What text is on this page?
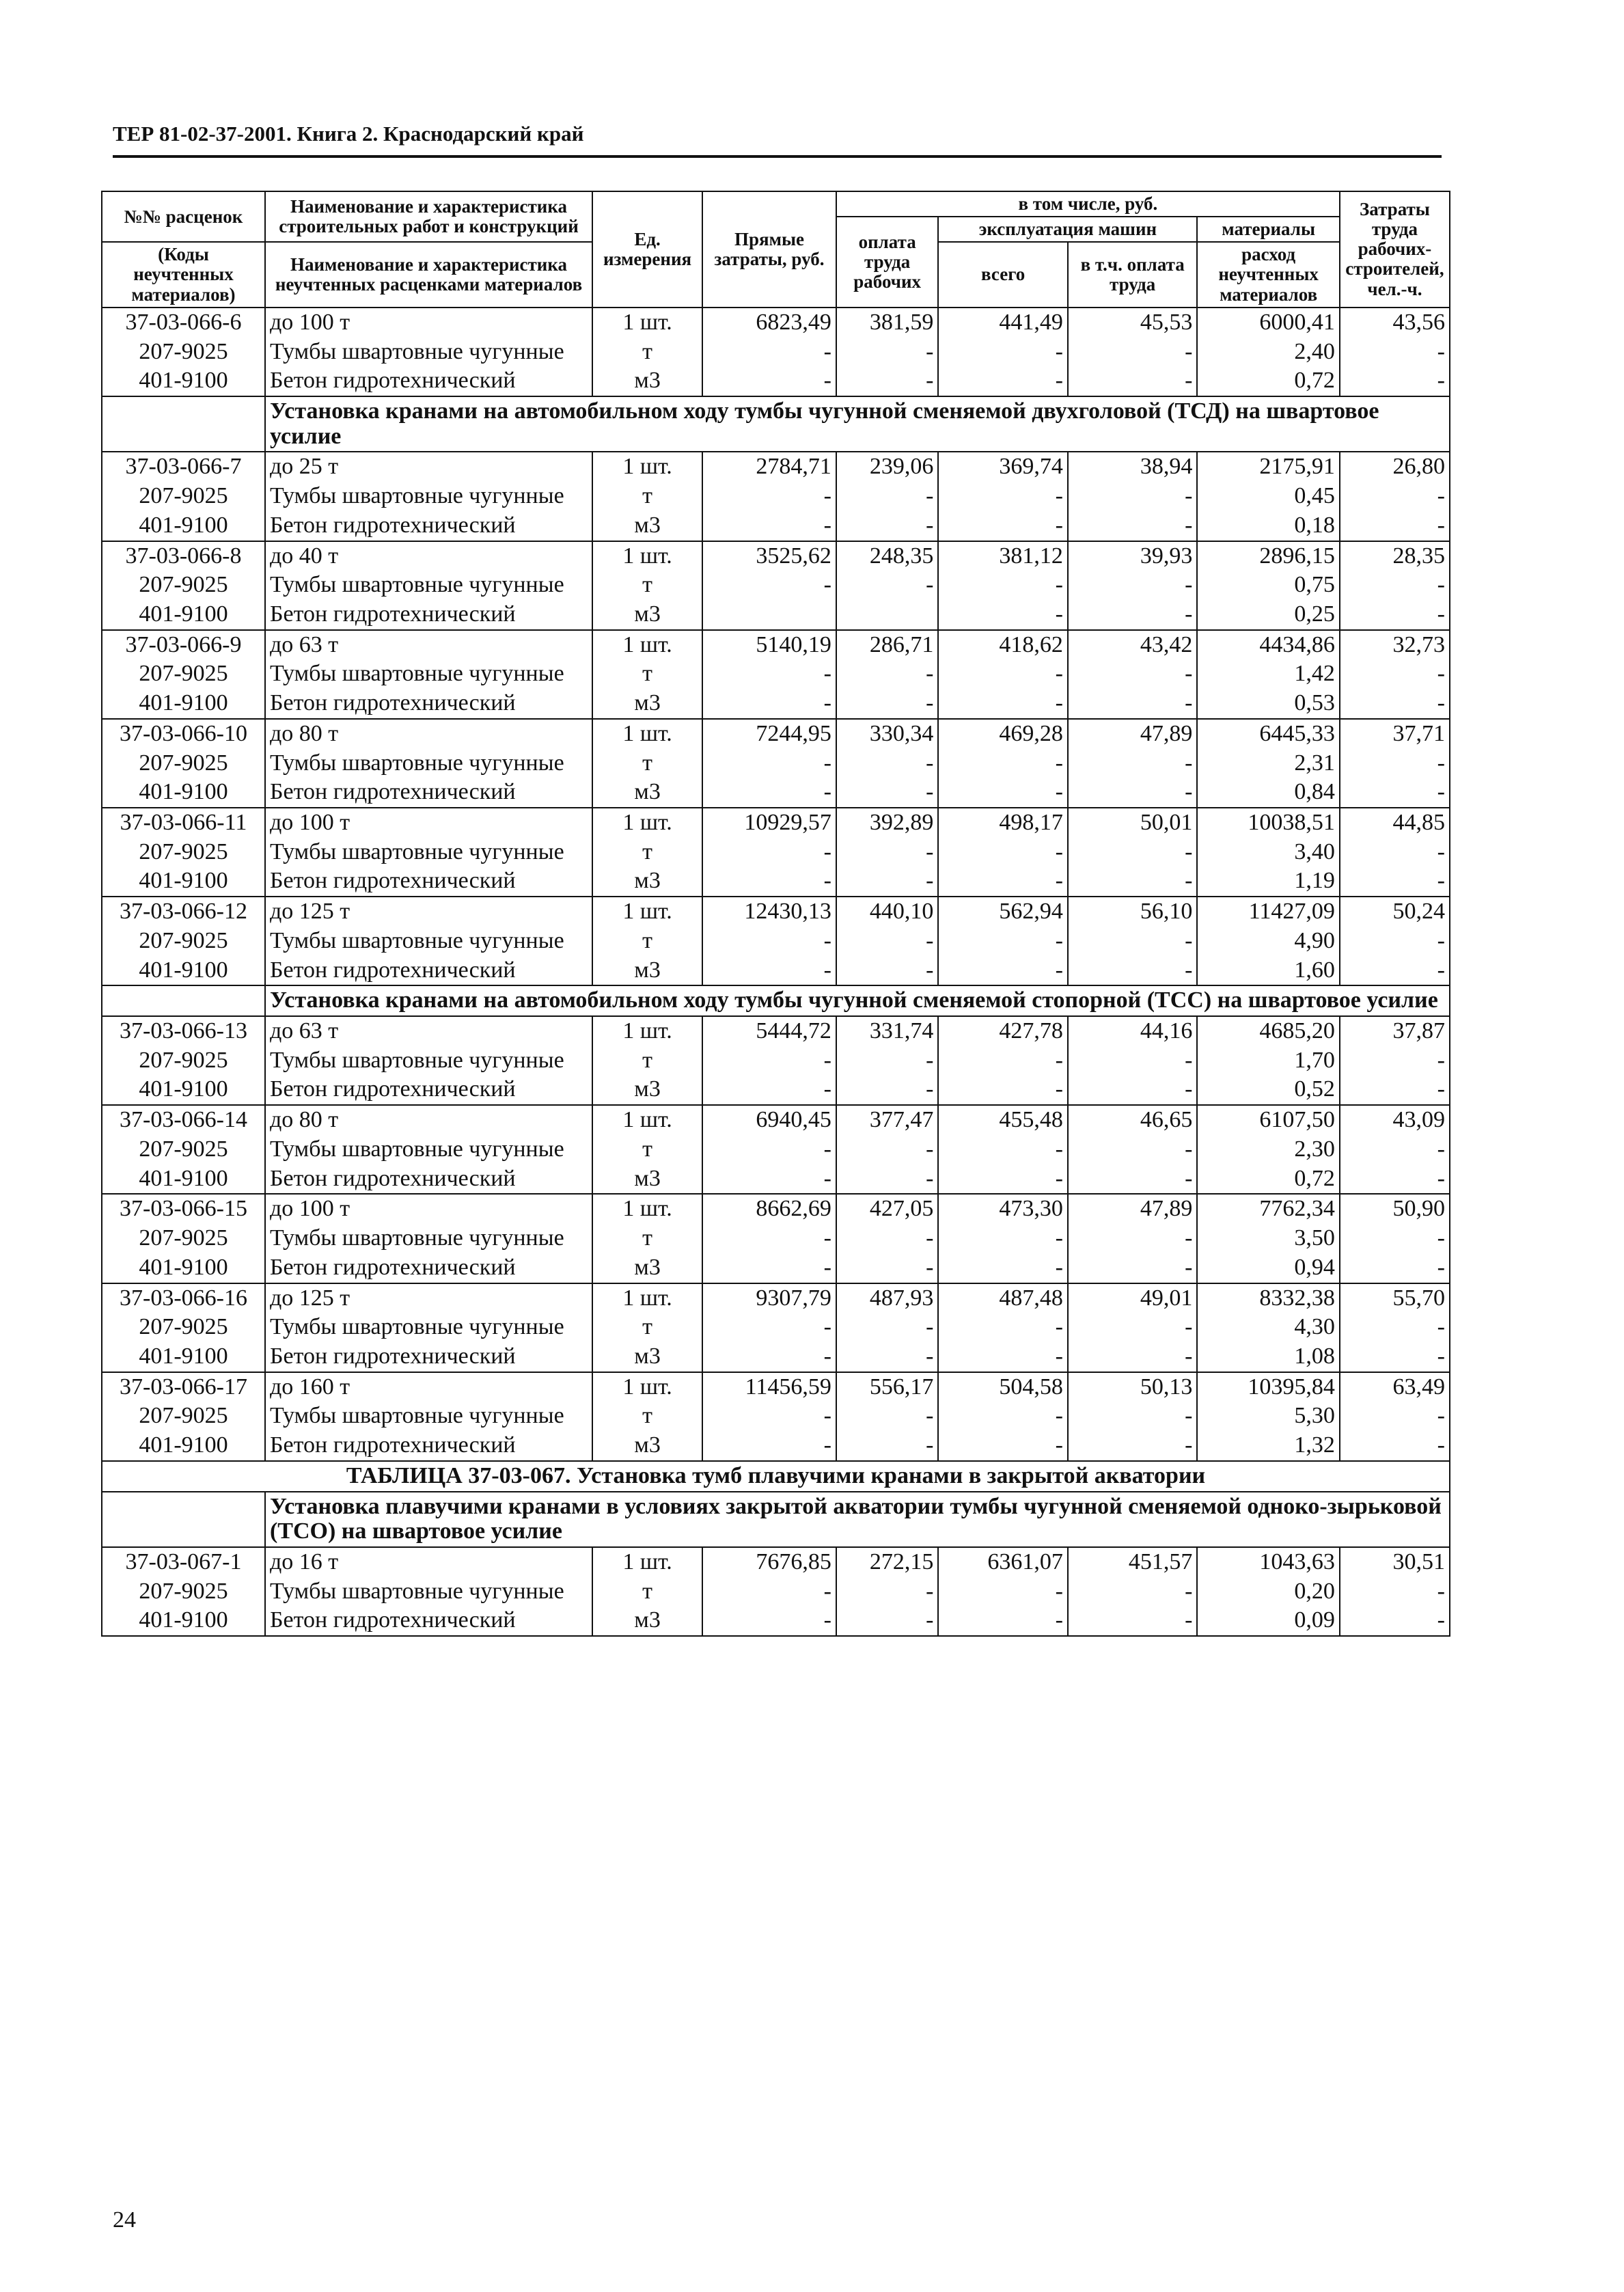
ТЕР 81-02-37-2001. Книга 2. Краснодарский край
№№ расценок	Наименование и характеристика строительных работ и конструкций	Ед. измерения	Прямые затраты, руб.	в том числе, руб.				Затраты труда рабочих-строителей, чел.-ч.
				оплата труда рабочих	эксплуатация машин		материалы	
					всего	в т.ч. оплата труда	расход неучтенных материалов	
(Коды неучтенных материалов)	Наименование и характеристика неучтенных расценками материалов							

37-03-066-6	до 100 т	1 шт.	6823,49	381,59	441,49	45,53	6000,41	43,56
207-9025	Тумбы швартовные чугунные	т	-	-	-	-	2,40	-
401-9100	Бетон гидротехнический	м3	-	-	-	-	0,72	-
	Установка кранами на автомобильном ходу тумбы чугунной сменяемой двухголовой (ТСД) на швартовое усилие							
37-03-066-7	до 25 т	1 шт.	2784,71	239,06	369,74	38,94	2175,91	26,80
207-9025	Тумбы швартовные чугунные	т	-	-	-	-	0,45	-
401-9100	Бетон гидротехнический	м3	-	-	-	-	0,18	-
37-03-066-8	до 40 т	1 шт.	3525,62	248,35	381,12	39,93	2896,15	28,35
207-9025	Тумбы швартовные чугунные	т	-	-	-	-	0,75	-
401-9100	Бетон гидротехнический	м3			-	-	0,25	-
37-03-066-9	до 63 т	1 шт.	5140,19	286,71	418,62	43,42	4434,86	32,73
207-9025	Тумбы швартовные чугунные	т	-	-	-	-	1,42	-
401-9100	Бетон гидротехнический	м3	-	-	-	-	0,53	-
37-03-066-10	до 80 т	1 шт.	7244,95	330,34	469,28	47,89	6445,33	37,71
207-9025	Тумбы швартовные чугунные	т	-	-	-	-	2,31	-
401-9100	Бетон гидротехнический	м3	-	-	-	-	0,84	-
37-03-066-11	до 100 т	1 шт.	10929,57	392,89	498,17	50,01	10038,51	44,85
207-9025	Тумбы швартовные чугунные	т	-	-	-	-	3,40	-
401-9100	Бетон гидротехнический	м3	-	-	-	-	1,19	-
37-03-066-12	до 125 т	1 шт.	12430,13	440,10	562,94	56,10	11427,09	50,24
207-9025	Тумбы швартовные чугунные	т	-	-	-	-	4,90	-
401-9100	Бетон гидротехнический	м3	-	-	-	-	1,60	-
	Установка кранами на автомобильном ходу тумбы чугунной сменяемой стопорной (ТСС) на швартовое усилие							
37-03-066-13	до 63 т	1 шт.	5444,72	331,74	427,78	44,16	4685,20	37,87
207-9025	Тумбы швартовные чугунные	т	-	-	-	-	1,70	-
401-9100	Бетон гидротехнический	м3	-	-	-	-	0,52	-
37-03-066-14	до 80 т	1 шт.	6940,45	377,47	455,48	46,65	6107,50	43,09
207-9025	Тумбы швартовные чугунные	т	-	-	-	-	2,30	-
401-9100	Бетон гидротехнический	м3	-	-	-	-	0,72	-
37-03-066-15	до 100 т	1 шт.	8662,69	427,05	473,30	47,89	7762,34	50,90
207-9025	Тумбы швартовные чугунные	т	-	-	-	-	3,50	-
401-9100	Бетон гидротехнический	м3	-	-	-	-	0,94	-
37-03-066-16	до 125 т	1 шт.	9307,79	487,93	487,48	49,01	8332,38	55,70
207-9025	Тумбы швартовные чугунные	т	-	-	-	-	4,30	-
401-9100	Бетон гидротехнический	м3	-	-	-	-	1,08	-
37-03-066-17	до 160 т	1 шт.	11456,59	556,17	504,58	50,13	10395,84	63,49
207-9025	Тумбы швартовные чугунные	т	-	-	-	-	5,30	-
401-9100	Бетон гидротехнический	м3	-	-	-	-	1,32	-
ТАБЛИЦА 37-03-067. Установка тумб плавучими кранами в закрытой акватории								
	Установка плавучими кранами в условиях закрытой акватории тумбы чугунной сменяемой одноко-зырьковой (ТСО) на швартовое усилие							
37-03-067-1	до 16 т	1 шт.	7676,85	272,15	6361,07	451,57	1043,63	30,51
207-9025	Тумбы швартовные чугунные	т	-	-	-	-	0,20	-
401-9100	Бетон гидротехнический	м3	-	-	-	-	0,09	-
24
